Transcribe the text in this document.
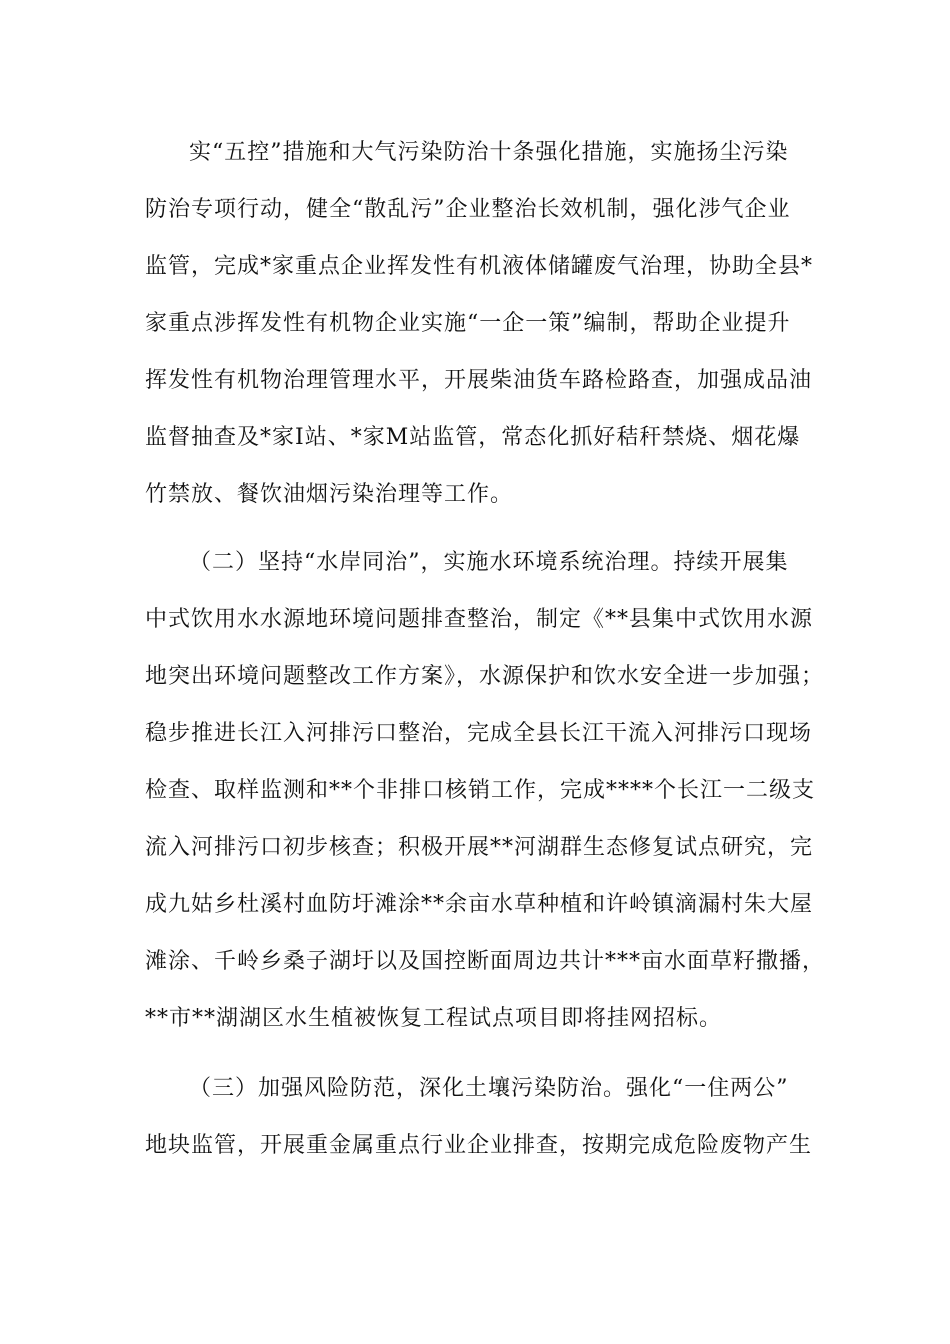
实“五控”措施和大气污染防治十条强化措施，实施扬尘污染
防治专项行动，健全“散乱污”企业整治长效机制，强化涉气企业
监管，完成*家重点企业挥发性有机液体储罐废气治理，协助全县*
家重点涉挥发性有机物企业实施“一企一策”编制，帮助企业提升
挥发性有机物治理管理水平，开展柴油货车路检路查，加强成品油
监督抽查及*家I站、*家M站监管，常态化抓好秸秆禁烧、烟花爆
竹禁放、餐饮油烟污染治理等工作。
（二）坚持“水岸同治”，实施水环境系统治理。持续开展集
中式饮用水水源地环境问题排查整治，制定《**县集中式饮用水源
地突出环境问题整改工作方案》，水源保护和饮水安全进一步加强；
稳步推进长江入河排污口整治，完成全县长江干流入河排污口现场
检查、取样监测和**个非排口核销工作，完成****个长江一二级支
流入河排污口初步核查；积极开展**河湖群生态修复试点研究，完
成九姑乡杜溪村血防圩滩涂**余亩水草种植和许岭镇滴漏村朱大屋
滩涂、千岭乡桑子湖圩以及国控断面周边共计***亩水面草籽撒播，
**市**湖湖区水生植被恢复工程试点项目即将挂网招标。
（三）加强风险防范，深化土壤污染防治。强化“一住两公”
地块监管，开展重金属重点行业企业排查，按期完成危险废物产生
